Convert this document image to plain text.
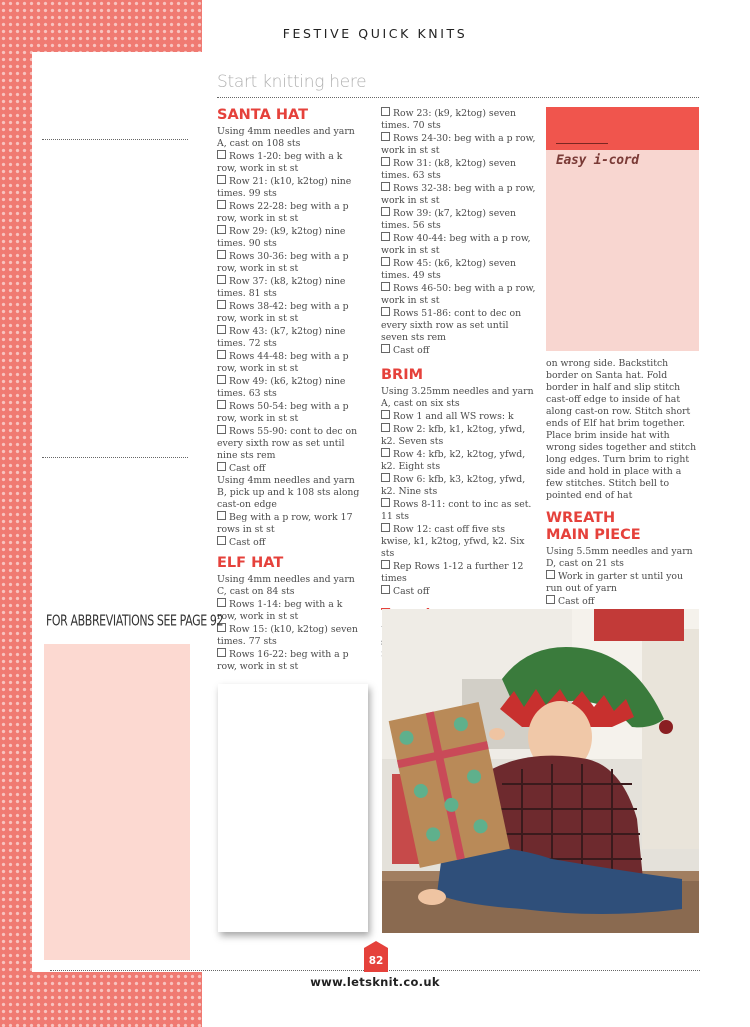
FESTIVE QUICK KNITS
Start knitting here
SANTA HAT

Using 4mm needles and yarn A, cast on 108 sts

Rows 1-20: beg with a k row, work in st st

Row 21: (k10, k2tog) nine times. 99 sts

Rows 22-28: beg with a p row, work in st st

Row 29: (k9, k2tog) nine times. 90 sts

Rows 30-36: beg with a p row, work in st st

Row 37: (k8, k2tog) nine times. 81 sts

Rows 38-42: beg with a p row, work in st st

Row 43: (k7, k2tog) nine times. 72 sts

Rows 44-48: beg with a p row, work in st st

Row 49: (k6, k2tog) nine times. 63 sts

Rows 50-54: beg with a p row, work in st st

Rows 55-90: cont to dec on every sixth row as set until nine sts rem

Cast off

Using 4mm needles and yarn B, pick up and k 108 sts along cast-on edge

Beg with a p row, work 17 rows in st st

Cast off

ELF HAT

Using 4mm needles and yarn C, cast on 84 sts

Rows 1-14: beg with a k row, work in st st

Row 15: (k10, k2tog) seven times. 77 sts

Rows 16-22: beg with a p row, work in st st

Row 23: (k9, k2tog) seven times. 70 sts

Rows 24-30: beg with a p row, work in st st

Row 31: (k8, k2tog) seven times. 63 sts

Rows 32-38: beg with a p row, work in st st

Row 39: (k7, k2tog) seven times. 56 sts

Row 40-44: beg with a p row, work in st st

Row 45: (k6, k2tog) seven times. 49 sts

Rows 46-50: beg with a p row, work in st st

Rows 51-86: cont to dec on every sixth row as set until seven sts rem

Cast off

BRIM

Using 3.25mm needles and yarn A, cast on six sts

Row 1 and all WS rows: k

Row 2: kfb, k1, k2tog, yfwd, k2. Seven sts

Row 4: kfb, k2, k2tog, yfwd, k2. Eight sts

Row 6: kfb, k3, k2tog, yfwd, k2. Nine sts

Rows 8-11: cont to inc as set. 11 sts

Row 12: cast off five sts kwise, k1, k2tog, yfwd, k2. Six sts

Rep Rows 1-12 a further 12 times

Cast off

Easy i-cord

on wrong side. Backstitch border on Santa hat. Fold border in half and slip stitch cast-off edge to inside of hat along cast-on row. Stitch short ends of Elf hat brim together. Place brim inside hat with wrong sides together and stitch long edges. Turn brim to right side and hold in place with a few stitches. Stitch bell to pointed end of hat

WREATH
MAIN PIECE

Using 5.5mm needles and yarn D, cast on 21 sts

Work in garter st until you run out of yarn

Cast off

FOR ABBREVIATIONS SEE PAGE 92
82
www.letsknit.co.uk
